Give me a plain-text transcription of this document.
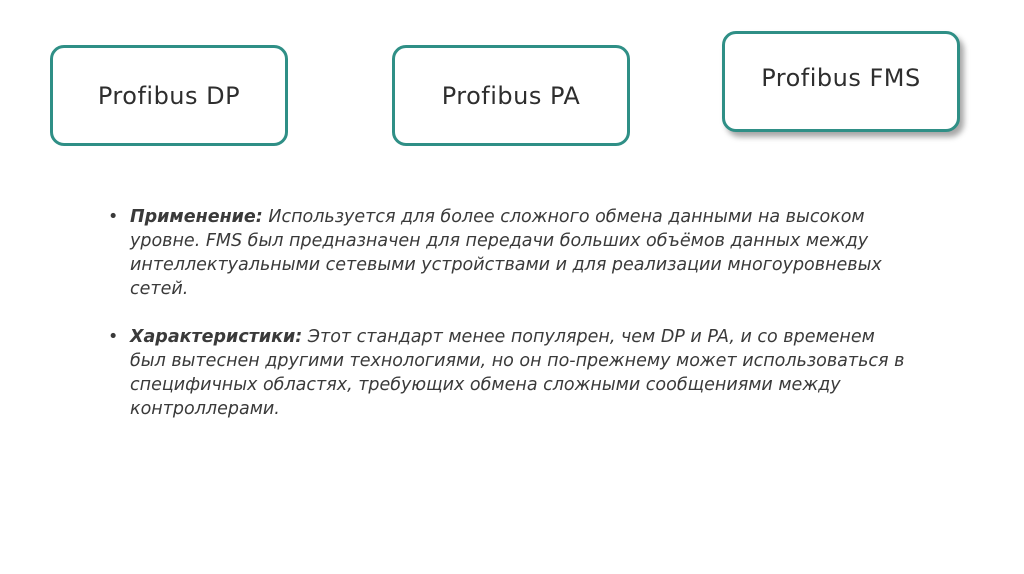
Profibus DP	Profibus PA
Profibus FMS
• Применение: Используется для более сложного обмена данными на высоком уровне. FMS был предназначен для передачи больших объёмов данных между интеллектуальными сетевыми устройствами и для реализации многоуровневых сетей.
• Характеристики: Этот стандарт менее популярен, чем DP и PA, и со временем был вытеснен другими технологиями, но он по-прежнему может использоваться в специфичных областях, требующих обмена сложными сообщениями между контроллерами.
